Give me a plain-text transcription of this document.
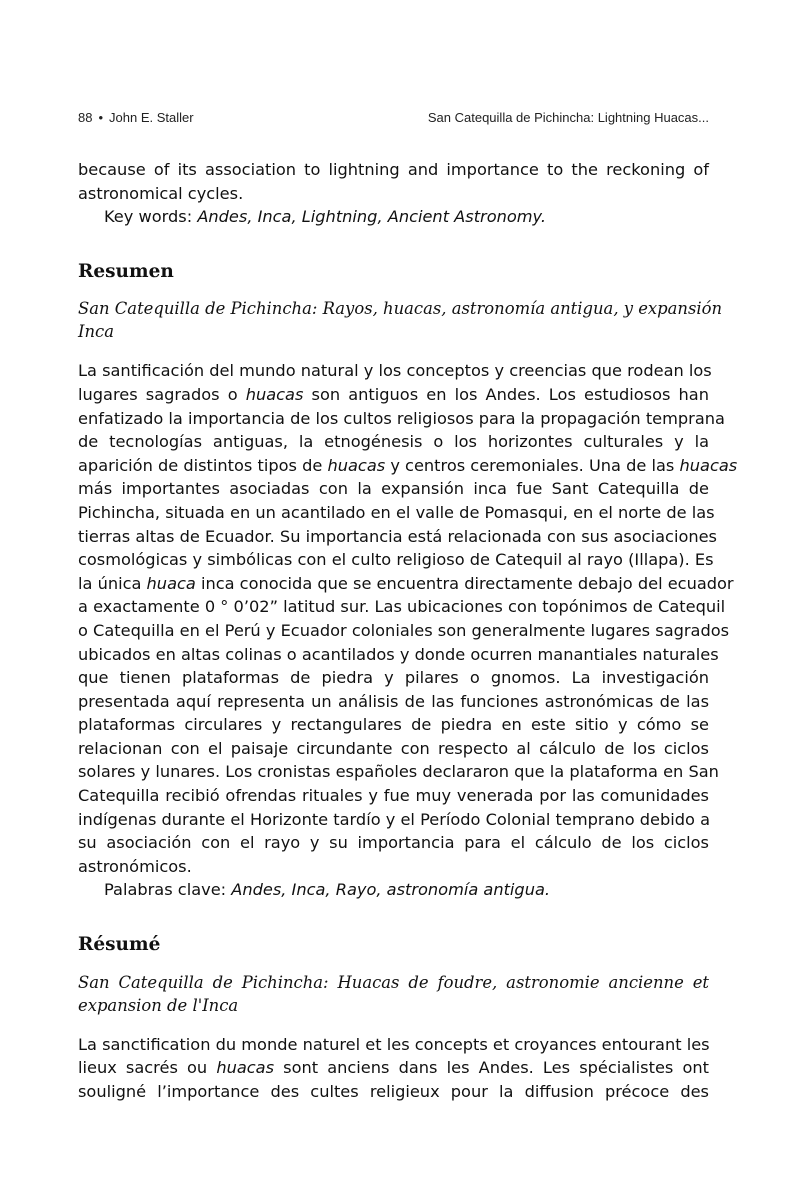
88 • John E. Staller	San Catequilla de Pichincha: Lightning Huacas...
because of its association to lightning and importance to the reckoning of
astronomical cycles.
Key words: Andes, Inca, Lightning, Ancient Astronomy.
Resumen
San Catequilla de Pichincha: Rayos, huacas, astronomía antigua, y expansión
Inca
La santificación del mundo natural y los conceptos y creencias que rodean los
lugares sagrados o huacas son antiguos en los Andes. Los estudiosos han
enfatizado la importancia de los cultos religiosos para la propagación temprana
de tecnologías antiguas, la etnogénesis o los horizontes culturales y la
aparición de distintos tipos de huacas y centros ceremoniales. Una de las huacas
más importantes asociadas con la expansión inca fue Sant Catequilla de
Pichincha, situada en un acantilado en el valle de Pomasqui, en el norte de las
tierras altas de Ecuador. Su importancia está relacionada con sus asociaciones
cosmológicas y simbólicas con el culto religioso de Catequil al rayo (Illapa). Es
la única huaca inca conocida que se encuentra directamente debajo del ecuador
a exactamente 0 ° 0’02” latitud sur. Las ubicaciones con topónimos de Catequil
o Catequilla en el Perú y Ecuador coloniales son generalmente lugares sagrados
ubicados en altas colinas o acantilados y donde ocurren manantiales naturales
que tienen plataformas de piedra y pilares o gnomos. La investigación
presentada aquí representa un análisis de las funciones astronómicas de las
plataformas circulares y rectangulares de piedra en este sitio y cómo se
relacionan con el paisaje circundante con respecto al cálculo de los ciclos
solares y lunares. Los cronistas españoles declararon que la plataforma en San
Catequilla recibió ofrendas rituales y fue muy venerada por las comunidades
indígenas durante el Horizonte tardío y el Período Colonial temprano debido a
su asociación con el rayo y su importancia para el cálculo de los ciclos
astronómicos.
Palabras clave: Andes, Inca, Rayo, astronomía antigua.
Résumé
San Catequilla de Pichincha: Huacas de foudre, astronomie ancienne et
expansion de l'Inca
La sanctification du monde naturel et les concepts et croyances entourant les
lieux sacrés ou huacas sont anciens dans les Andes. Les spécialistes ont
souligné l’importance des cultes religieux pour la diffusion précoce des
